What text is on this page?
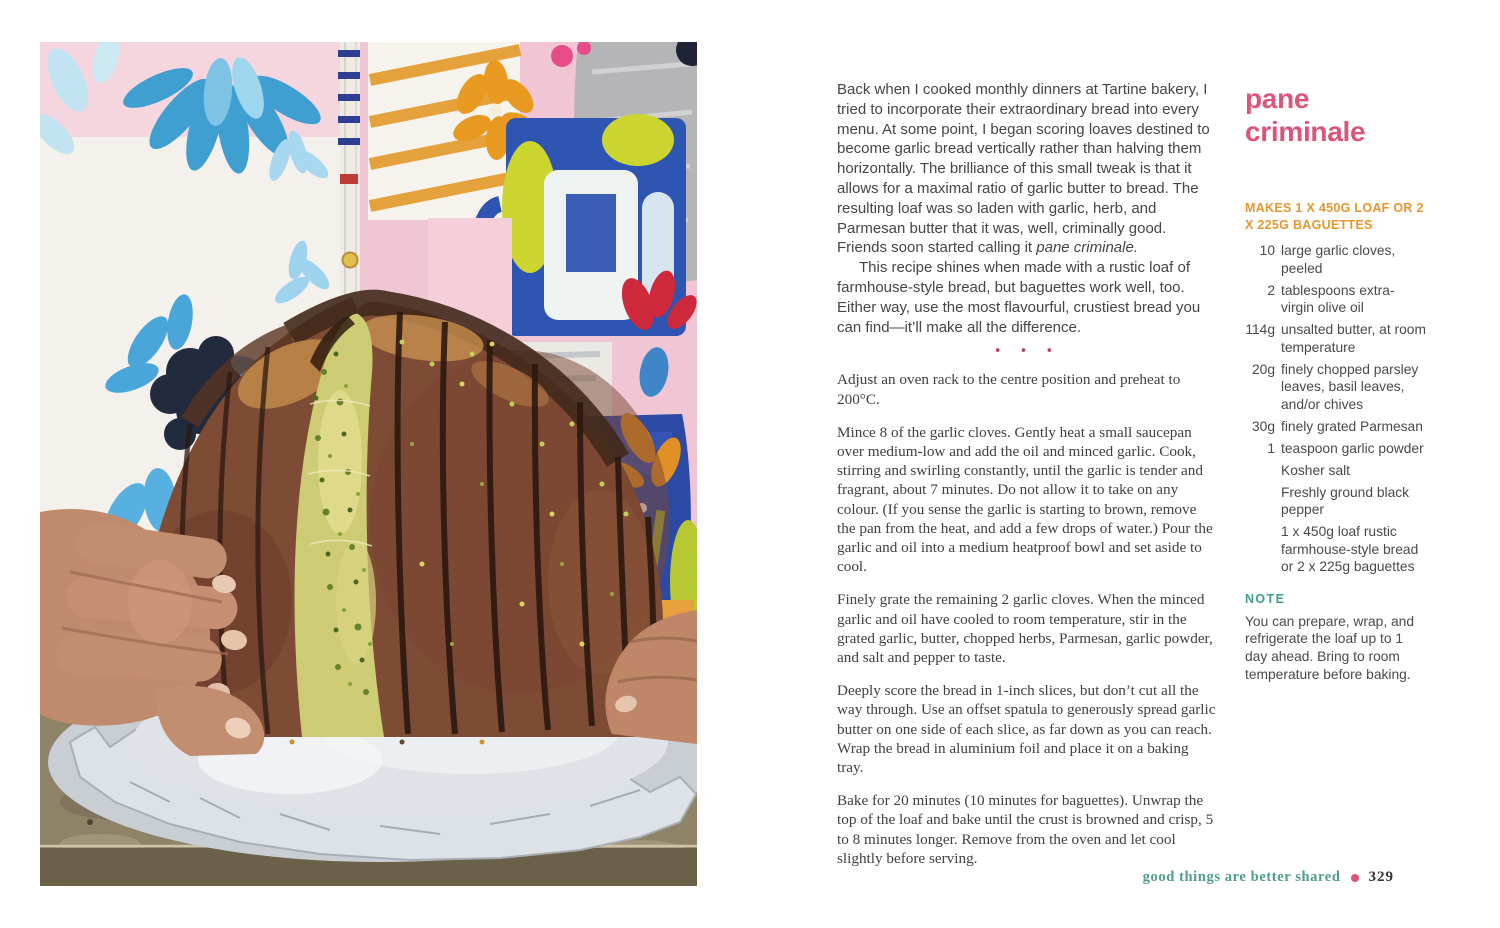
Back when I cooked monthly dinners at Tartine bakery, I tried to incorporate their extraordinary bread into every menu. At some point, I began scoring loaves destined to become garlic bread vertically rather than halving them horizontally. The brilliance of this small tweak is that it allows for a maximal ratio of garlic butter to bread. The resulting loaf was so laden with garlic, herb, and Parmesan butter that it was, well, criminally good. Friends soon started calling it pane criminale.

This recipe shines when made with a rustic loaf of farmhouse-style bread, but baguettes work well, too. Either way, use the most flavourful, crustiest bread you can find—it’ll make all the difference.

• • •

Adjust an oven rack to the centre position and preheat to 200°C.

Mince 8 of the garlic cloves. Gently heat a small saucepan over medium-low and add the oil and minced garlic. Cook, stirring and swirling constantly, until the garlic is tender and fragrant, about 7 minutes. Do not allow it to take on any colour. (If you sense the garlic is starting to brown, remove the pan from the heat, and add a few drops of water.) Pour the garlic and oil into a medium heatproof bowl and set aside to cool.

Finely grate the remaining 2 garlic cloves. When the minced garlic and oil have cooled to room temperature, stir in the grated garlic, butter, chopped herbs, Parmesan, garlic powder, and salt and pepper to taste.

Deeply score the bread in 1-inch slices, but don’t cut all the way through. Use an offset spatula to generously spread garlic butter on one side of each slice, as far down as you can reach. Wrap the bread in aluminium foil and place it on a baking tray.

Bake for 20 minutes (10 minutes for baguettes). Unwrap the top of the loaf and bake until the crust is browned and crisp, 5 to 8 minutes longer. Remove from the oven and let cool slightly before serving.

pane criminale
MAKES 1 X 450G LOAF OR 2 X 225G BAGUETTES
10 large garlic cloves, peeled
2 tablespoons extra-virgin olive oil
114g unsalted butter, at room temperature
20g finely chopped parsley leaves, basil leaves, and/or chives
30g finely grated Parmesan
1 teaspoon garlic powder
Kosher salt
Freshly ground black pepper
1 x 450g loaf rustic farmhouse-style bread or 2 x 225g baguettes
NOTE
You can prepare, wrap, and refrigerate the loaf up to 1 day ahead. Bring to room temperature before baking.
good things are better shared 329
